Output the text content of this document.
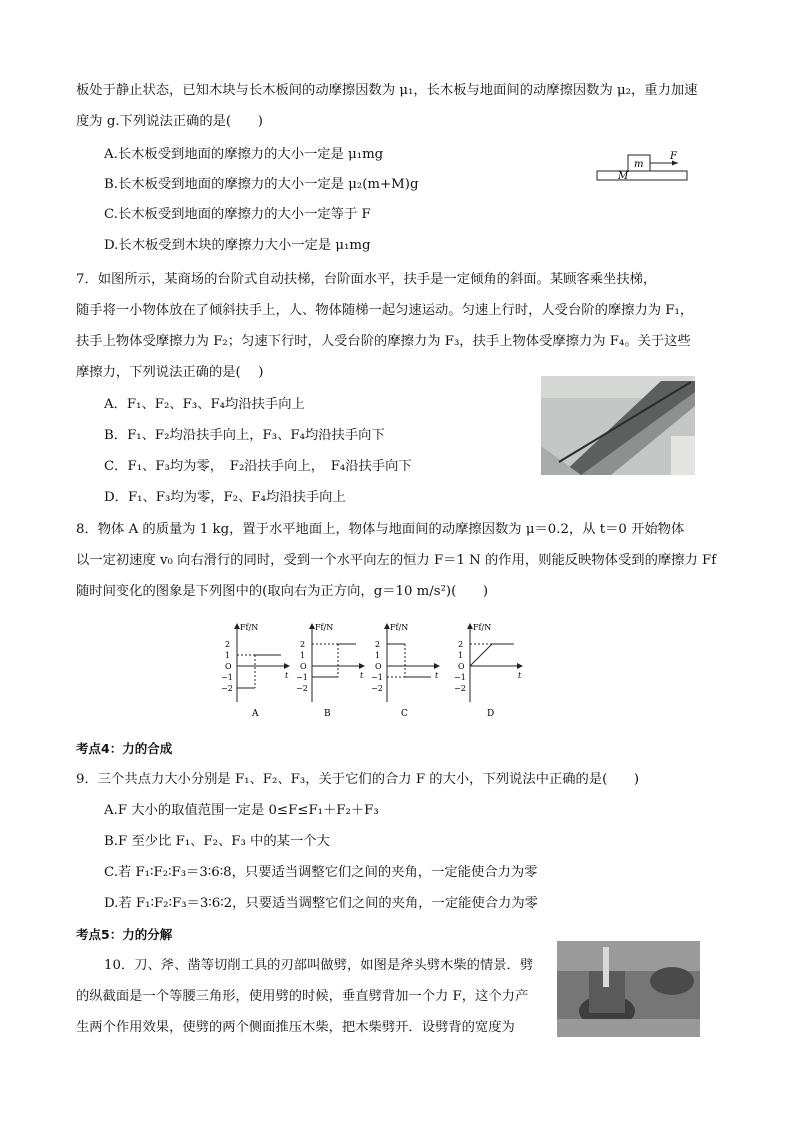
板处于静止状态，已知木块与长木板间的动摩擦因数为 μ₁，长木板与地面间的动摩擦因数为 μ₂，重力加速
度为 g.下列说法正确的是(　　)
A.长木板受到地面的摩擦力的大小一定是 μ₁mg
B.长木板受到地面的摩擦力的大小一定是 μ₂(m+M)g
C.长木板受到地面的摩擦力的大小一定等于 F
D.长木板受到木块的摩擦力大小一定是 μ₁mg
m
M
F
7．如图所示，某商场的台阶式自动扶梯，台阶面水平，扶手是一定倾角的斜面。某顾客乘坐扶梯，
随手将一小物体放在了倾斜扶手上，人、物体随梯一起匀速运动。匀速上行时，人受台阶的摩擦力为 F₁，
扶手上物体受摩擦力为 F₂；匀速下行时，人受台阶的摩擦力为 F₃，扶手上物体受摩擦力为 F₄。关于这些
摩擦力，下列说法正确的是(　 )
A．F₁、F₂、F₃、F₄均沿扶手向上
B．F₁、F₂均沿扶手向上，F₃、F₄均沿扶手向下
C．F₁、F₃均为零，　F₂沿扶手向上，　F₄沿扶手向下
D．F₁、F₃均为零，F₂、F₄均沿扶手向上
8．物体 A 的质量为 1 kg，置于水平地面上，物体与地面间的动摩擦因数为 μ＝0.2，从 t＝0 开始物体
以一定初速度 v₀ 向右滑行的同时，受到一个水平向左的恒力 F＝1 N 的作用，则能反映物体受到的摩擦力 Ff
随时间变化的图象是下列图中的(取向右为正方向，g＝10 m/s²)(　　)
Ff/N
t
2
1
O
−1
−2
A
Ff/N
t
2
1
O
−1
−2
B
Ff/N
t
2
1
O
−1
−2
C
Ff/N
t
2
1
O
−1
−2
D
考点4：力的合成
9．三个共点力大小分别是 F₁、F₂、F₃，关于它们的合力 F 的大小，下列说法中正确的是(　　)
A.F 大小的取值范围一定是 0≤F≤F₁＋F₂＋F₃
B.F 至少比 F₁、F₂、F₃ 中的某一个大
C.若 F₁∶F₂∶F₃＝3∶6∶8，只要适当调整它们之间的夹角，一定能使合力为零
D.若 F₁∶F₂∶F₃＝3∶6∶2，只要适当调整它们之间的夹角，一定能使合力为零
考点5：力的分解
10．刀、斧、凿等切削工具的刃部叫做劈，如图是斧头劈木柴的情景．劈
的纵截面是一个等腰三角形，使用劈的时候，垂直劈背加一个力 F，这个力产
生两个作用效果，使劈的两个侧面推压木柴，把木柴劈开．设劈背的宽度为
